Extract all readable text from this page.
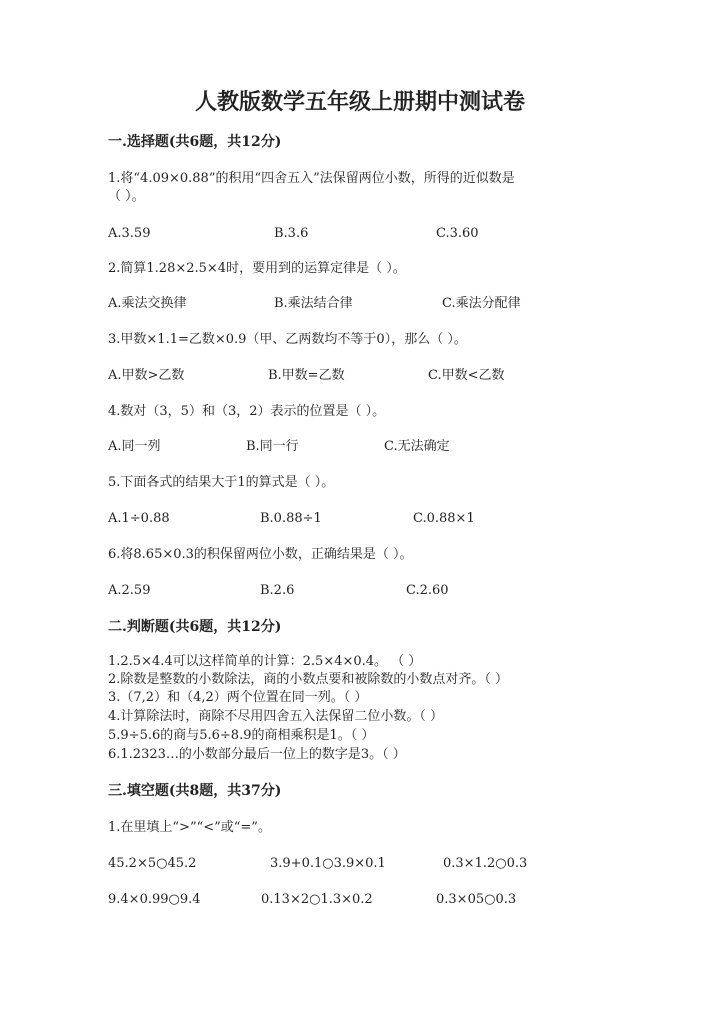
人教版数学五年级上册期中测试卷
一.选择题(共6题，共12分)
1.将“4.09×0.88”的积用“四舍五入”法保留两位小数，所得的近似数是
（ ）。
A.3.59	B.3.6	C.3.60
2.简算1.28×2.5×4时，要用到的运算定律是（ ）。
A.乘法交换律	B.乘法结合律	C.乘法分配律
3.甲数×1.1=乙数×0.9（甲、乙两数均不等于0），那么（ ）。
A.甲数>乙数	B.甲数=乙数	C.甲数<乙数
4.数对（3，5）和（3，2）表示的位置是（ ）。
A.同一列	B.同一行	C.无法确定
5.下面各式的结果大于1的算式是（ ）。
A.1÷0.88	B.0.88÷1	C.0.88×1
6.将8.65×0.3的积保留两位小数，正确结果是（ ）。
A.2.59	B.2.6	C.2.60
二.判断题(共6题，共12分)
1.2.5×4.4可以这样简单的计算：2.5×4×0.4。 （ ）
2.除数是整数的小数除法，商的小数点要和被除数的小数点对齐。（ ）
3.（7,2）和（4,2）两个位置在同一列。（ ）
4.计算除法时，商除不尽用四舍五入法保留二位小数。（ ）
5.9÷5.6的商与5.6÷8.9的商相乘积是1。（ ）
6.1.2323…的小数部分最后一位上的数字是3。（ ）
三.填空题(共8题，共37分)
1.在里填上“>”“<”或“=”。
45.2×5○45.2	3.9+0.1○3.9×0.1	0.3×1.2○0.3
9.4×0.99○9.4	0.13×2○1.3×0.2	0.3×05○0.3
